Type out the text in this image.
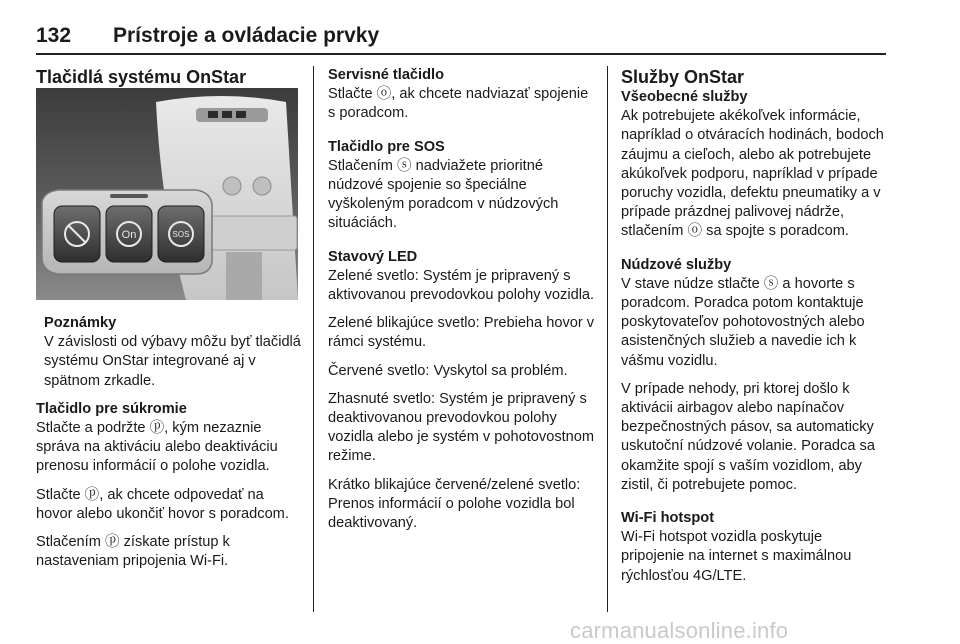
132 Prístroje a ovládacie prvky

Tlačidlá systému OnStar

On	SOS

Poznámky

V závislosti od výbavy môžu byť tlačidlá systému OnStar integrované aj v spätnom zrkadle.

Tlačidlo pre súkromie

Stlačte a podržte ⓟ, kým nezaznie správa na aktiváciu alebo deaktiváciu prenosu informácií o polohe vozidla.

Stlačte ⓟ, ak chcete odpovedať na hovor alebo ukončiť hovor s poradcom.

Stlačením ⓟ získate prístup k nastaveniam pripojenia Wi-Fi.

Servisné tlačidlo

Stlačte ⓞ, ak chcete nadviazať spojenie s poradcom.

Tlačidlo pre SOS

Stlačením ⓢ nadviažete prioritné núdzové spojenie so špeciálne vyškoleným poradcom v núdzových situáciách.

Stavový LED

Zelené svetlo: Systém je pripravený s aktivovanou prevodovkou polohy vozidla.

Zelené blikajúce svetlo: Prebieha hovor v rámci systému.

Červené svetlo: Vyskytol sa problém.

Zhasnuté svetlo: Systém je pripravený s deaktivovanou prevodovkou polohy vozidla alebo je systém v pohotovostnom režime.

Krátko blikajúce červené/zelené svetlo: Prenos informácií o polohe vozidla bol deaktivovaný.

Služby OnStar

Všeobecné služby

Ak potrebujete akékoľvek informácie, napríklad o otváracích hodinách, bodoch záujmu a cieľoch, alebo ak potrebujete akúkoľvek podporu, napríklad v prípade poruchy vozidla, defektu pneumatiky a v prípade prázdnej palivovej nádrže, stlačením ⓞ sa spojte s poradcom.

Núdzové služby

V stave núdze stlačte ⓢ a hovorte s poradcom. Poradca potom kontaktuje poskytovateľov pohotovostných alebo asistenčných služieb a navedie ich k vášmu vozidlu.

V prípade nehody, pri ktorej došlo k aktivácii airbagov alebo napínačov bezpečnostných pásov, sa automaticky uskutoční núdzové volanie. Poradca sa okamžite spojí s vaším vozidlom, aby zistil, či potrebujete pomoc.

Wi-Fi hotspot

Wi-Fi hotspot vozidla poskytuje pripojenie na internet s maximálnou rýchlosťou 4G/LTE.

carmanualsonline.info
